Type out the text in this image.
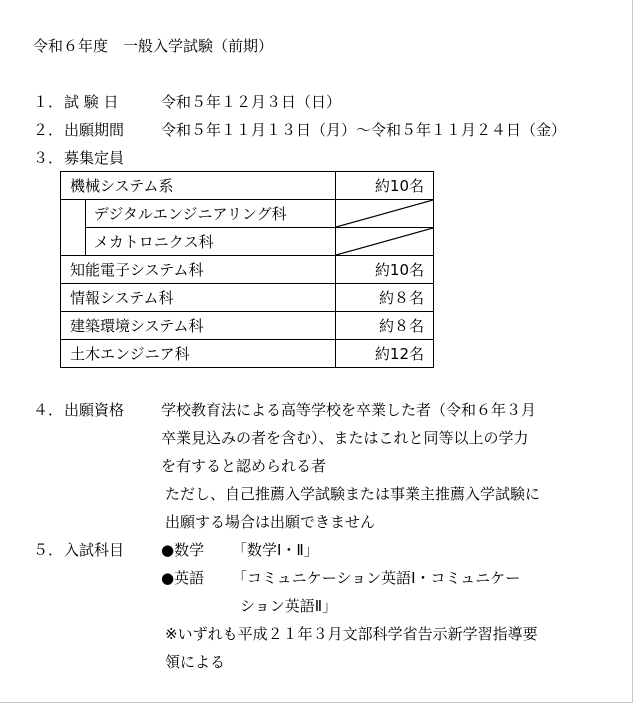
令和６年度　一般入学試験（前期）
１． 試 験 日	令和５年１２月３日（日）
２． 出願期間 令和５年１１月１３日（月）～令和５年１１月２４日（金）
３． 募集定員
機械システム系		約10名
	デジタルエンジニアリング科	

	メカトロニクス科	

知能電子システム科		約10名
情報システム科		約８名
建築環境システム科		約８名
土木エンジニア科		約12名
４． 出願資格 学校教育法による高等学校を卒業した者（令和６年３月
卒業見込みの者を含む）、またはこれと同等以上の学力
を有すると認められる者
ただし、自己推薦入学試験または事業主推薦入学試験に
出願する場合は出願できません
５． 入試科目 ●数学 「数学Ⅰ・Ⅱ」
●英語 「コミュニケーション英語Ⅰ・コミュニケー
ション英語Ⅱ」
※いずれも平成２１年３月文部科学省告示新学習指導要
領による
